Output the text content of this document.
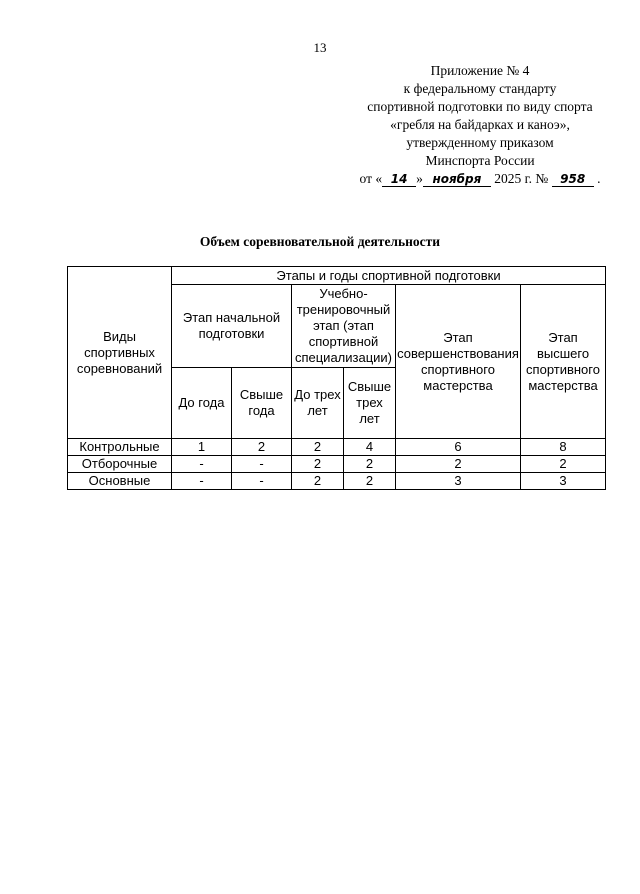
13
Приложение № 4
к федеральному стандарту
спортивной подготовки по виду спорта
«гребля на байдарках и каноэ»,
утвержденному приказом
Минспорта России
от « 14 » ноября 2025 г. № 958 .
Объем соревновательной деятельности
Виды спортивных соревнований	Этапы и годы спортивной подготовки					
	Этап начальной подготовки		Учебно-тренировочный этап (этап спортивной специализации)		Этап совершенствования спортивного мастерства	Этап высшего спортивного мастерства
	До года	Свыше года	До трех лет	Свыше трех лет		
Контрольные	1	2	2	4	6	8
Отборочные	-	-	2	2	2	2
Основные	-	-	2	2	3	3
